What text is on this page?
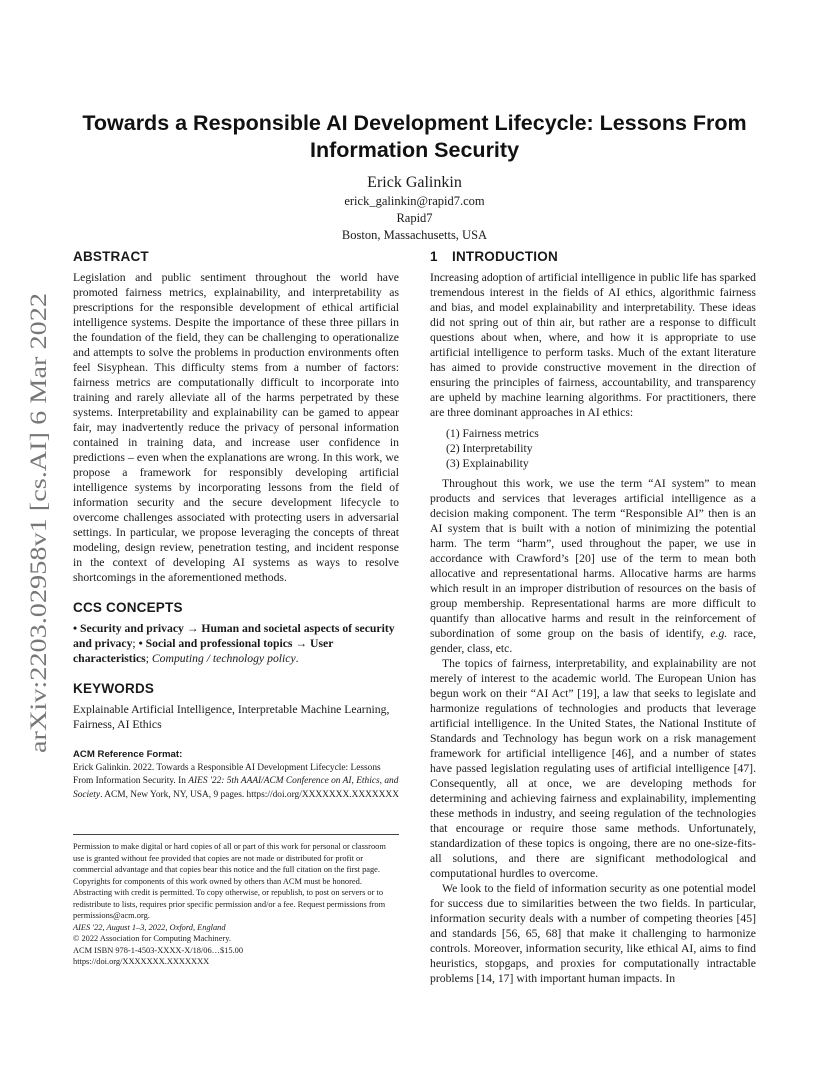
arXiv:2203.02958v1 [cs.AI] 6 Mar 2022
Towards a Responsible AI Development Lifecycle: Lessons From Information Security
Erick Galinkin
erick_galinkin@rapid7.com
Rapid7
Boston, Massachusetts, USA
ABSTRACT

Legislation and public sentiment throughout the world have promoted fairness metrics, explainability, and interpretability as prescriptions for the responsible development of ethical artificial intelligence systems. Despite the importance of these three pillars in the foundation of the field, they can be challenging to operationalize and attempts to solve the problems in production environments often feel Sisyphean. This difficulty stems from a number of factors: fairness metrics are computationally difficult to incorporate into training and rarely alleviate all of the harms perpetrated by these systems. Interpretability and explainability can be gamed to appear fair, may inadvertently reduce the privacy of personal information contained in training data, and increase user confidence in predictions – even when the explanations are wrong. In this work, we propose a framework for responsibly developing artificial intelligence systems by incorporating lessons from the field of information security and the secure development lifecycle to overcome challenges associated with protecting users in adversarial settings. In particular, we propose leveraging the concepts of threat modeling, design review, penetration testing, and incident response in the context of developing AI systems as ways to resolve shortcomings in the aforementioned methods.

CCS CONCEPTS

• Security and privacy → Human and societal aspects of security and privacy; • Social and professional topics → User characteristics; Computing / technology policy.

KEYWORDS

Explainable Artificial Intelligence, Interpretable Machine Learning, Fairness, AI Ethics

ACM Reference Format:

Erick Galinkin. 2022. Towards a Responsible AI Development Lifecycle: Lessons From Information Security. In AIES '22: 5th AAAI/ACM Conference on AI, Ethics, and Society. ACM, New York, NY, USA, 9 pages. https://doi.org/XXXXXXX.XXXXXXX

Permission to make digital or hard copies of all or part of this work for personal or classroom use is granted without fee provided that copies are not made or distributed for profit or commercial advantage and that copies bear this notice and the full citation on the first page. Copyrights for components of this work owned by others than ACM must be honored. Abstracting with credit is permitted. To copy otherwise, or republish, to post on servers or to redistribute to lists, requires prior specific permission and/or a fee. Request permissions from permissions@acm.org.

AIES '22, August 1–3, 2022, Oxford, England

© 2022 Association for Computing Machinery.

ACM ISBN 978-1-4503-XXXX-X/18/06…$15.00

https://doi.org/XXXXXXX.XXXXXXX

1 INTRODUCTION

Increasing adoption of artificial intelligence in public life has sparked tremendous interest in the fields of AI ethics, algorithmic fairness and bias, and model explainability and interpretability. These ideas did not spring out of thin air, but rather are a response to difficult questions about when, where, and how it is appropriate to use artificial intelligence to perform tasks. Much of the extant literature has aimed to provide constructive movement in the direction of ensuring the principles of fairness, accountability, and transparency are upheld by machine learning algorithms. For practitioners, there are three dominant approaches in AI ethics:

(1) Fairness metrics
(2) Interpretability
(3) Explainability

Throughout this work, we use the term “AI system” to mean products and services that leverages artificial intelligence as a decision making component. The term “Responsible AI” then is an AI system that is built with a notion of minimizing the potential harm. The term “harm”, used throughout the paper, we use in accordance with Crawford’s [20] use of the term to mean both allocative and representational harms. Allocative harms are harms which result in an improper distribution of resources on the basis of group membership. Representational harms are more difficult to quantify than allocative harms and result in the reinforcement of subordination of some group on the basis of identify, e.g. race, gender, class, etc.

The topics of fairness, interpretability, and explainability are not merely of interest to the academic world. The European Union has begun work on their “AI Act” [19], a law that seeks to legislate and harmonize regulations of technologies and products that leverage artificial intelligence. In the United States, the National Institute of Standards and Technology has begun work on a risk management framework for artificial intelligence [46], and a number of states have passed legislation regulating uses of artificial intelligence [47]. Consequently, all at once, we are developing methods for determining and achieving fairness and explainability, implementing these methods in industry, and seeing regulation of the technologies that encourage or require those same methods. Unfortunately, standardization of these topics is ongoing, there are no one-size-fits-all solutions, and there are significant methodological and computational hurdles to overcome.

We look to the field of information security as one potential model for success due to similarities between the two fields. In particular, information security deals with a number of competing theories [45] and standards [56, 65, 68] that make it challenging to harmonize controls. Moreover, information security, like ethical AI, aims to find heuristics, stopgaps, and proxies for computationally intractable problems [14, 17] with important human impacts. In
